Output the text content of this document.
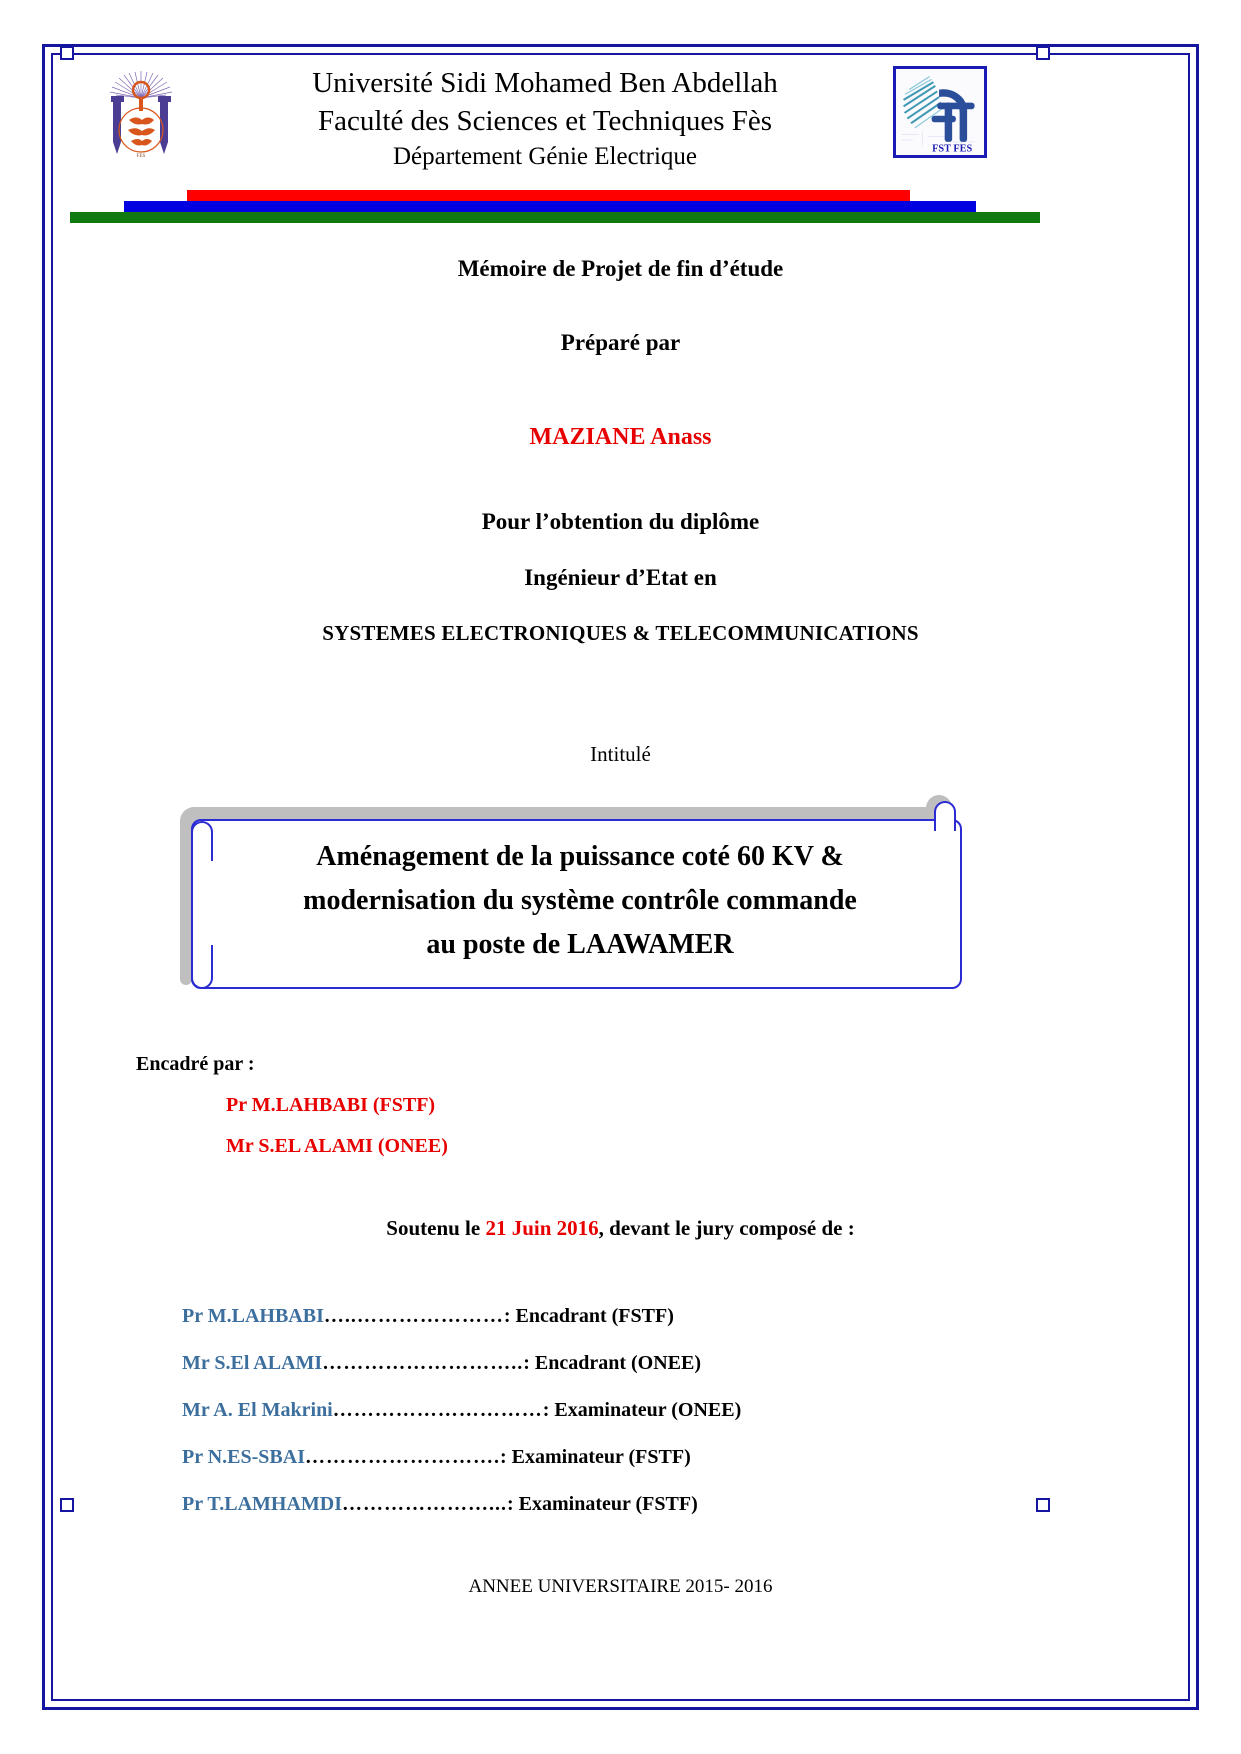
FES
Université Sidi Mohamed Ben Abdellah
Faculté des Sciences et Techniques Fès
Département Génie Electrique	FST FES
Mémoire de Projet de fin d’étude
Préparé par
MAZIANE Anass
Pour l’obtention du diplôme
Ingénieur d’Etat en
SYSTEMES ELECTRONIQUES & TELECOMMUNICATIONS
Intitulé
Aménagement de la puissance coté 60 KV &
modernisation du système contrôle commande
au poste de LAAWAMER
Encadré par :
Pr M.LAHBABI (FSTF)
Mr S.EL ALAMI (ONEE)
Soutenu le 21 Juin 2016, devant le jury composé de :
Pr M.LAHBABI…..…………………: Encadrant (FSTF)
Mr S.El ALAMI………………………..: Encadrant (ONEE)
Mr A. El Makrini…………………………: Examinateur (ONEE)
Pr N.ES-SBAI……………………….: Examinateur (FSTF)
Pr T.LAMHAMDI…………………...: Examinateur (FSTF)
ANNEE UNIVERSITAIRE 2015- 2016
